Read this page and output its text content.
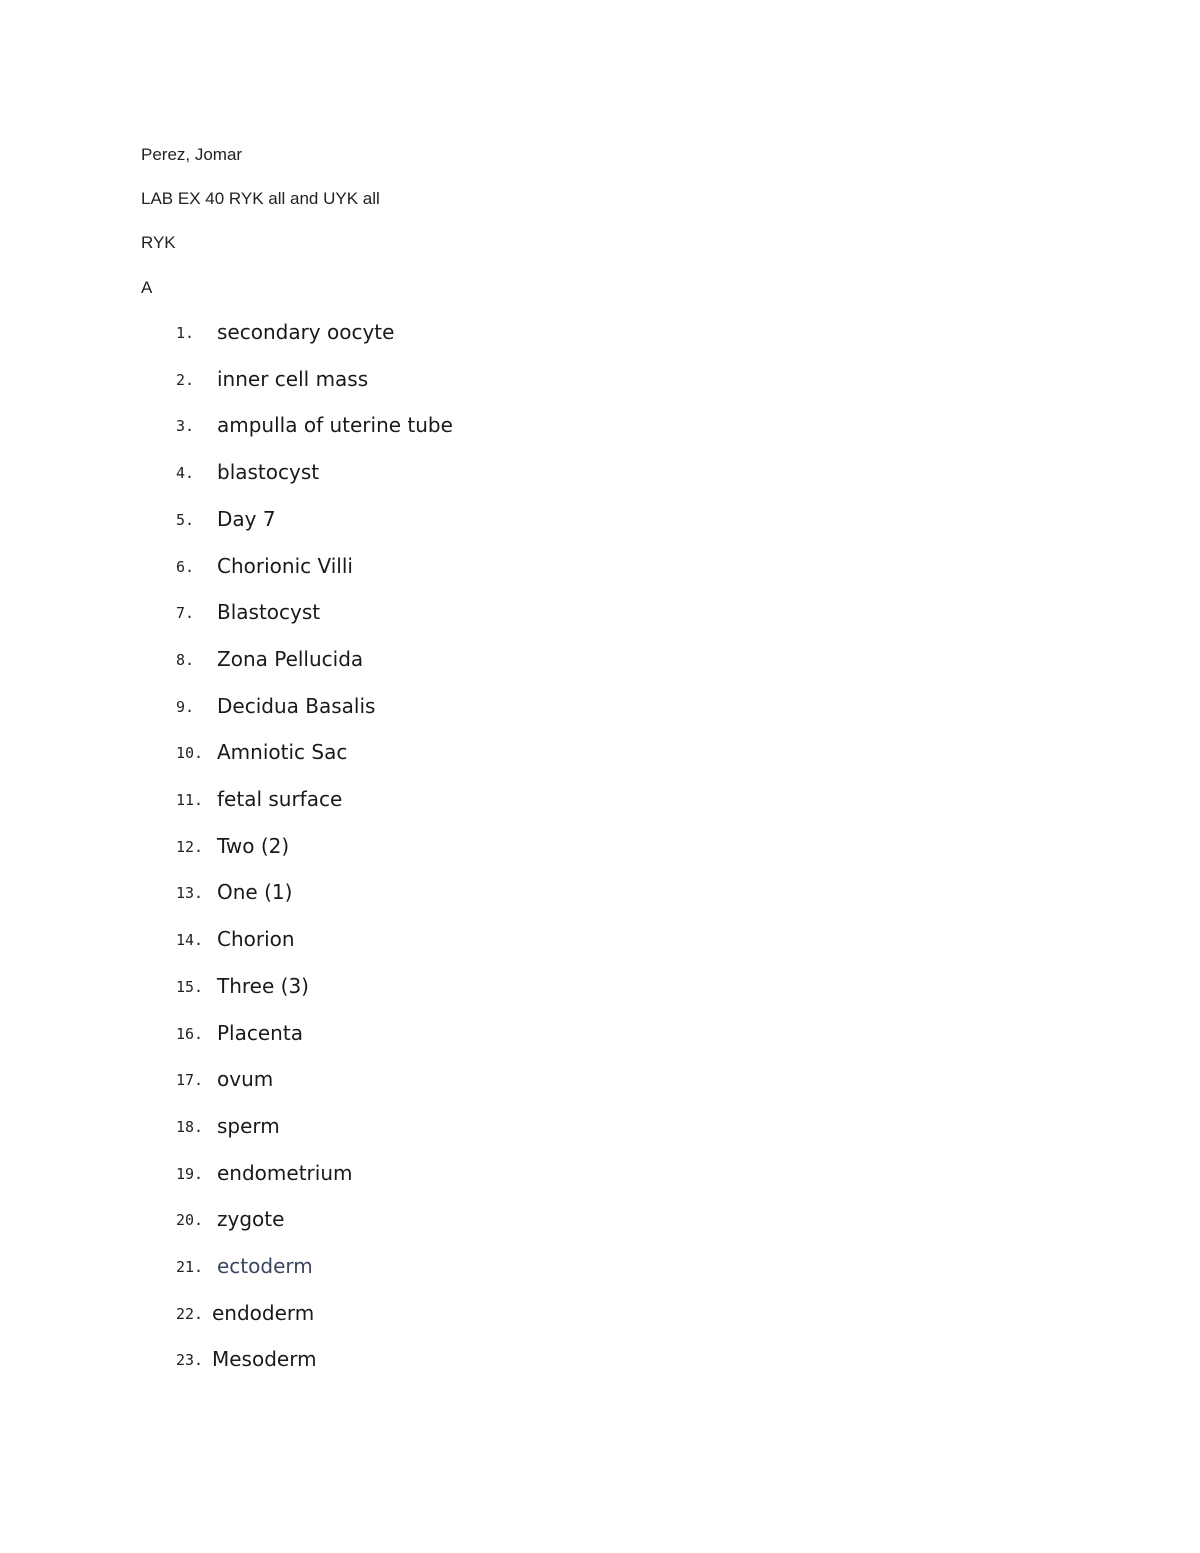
Perez, Jomar
LAB EX 40 RYK all and UYK all
RYK
A
1. secondary oocyte
2. inner cell mass
3. ampulla of uterine tube
4. blastocyst
5. Day 7
6. Chorionic Villi
7. Blastocyst
8. Zona Pellucida
9. Decidua Basalis
10. Amniotic Sac
11. fetal surface
12. Two (2)
13. One (1)
14. Chorion
15. Three (3)
16. Placenta
17. ovum
18. sperm
19. endometrium
20. zygote
21. ectoderm
22. endoderm
23. Mesoderm
